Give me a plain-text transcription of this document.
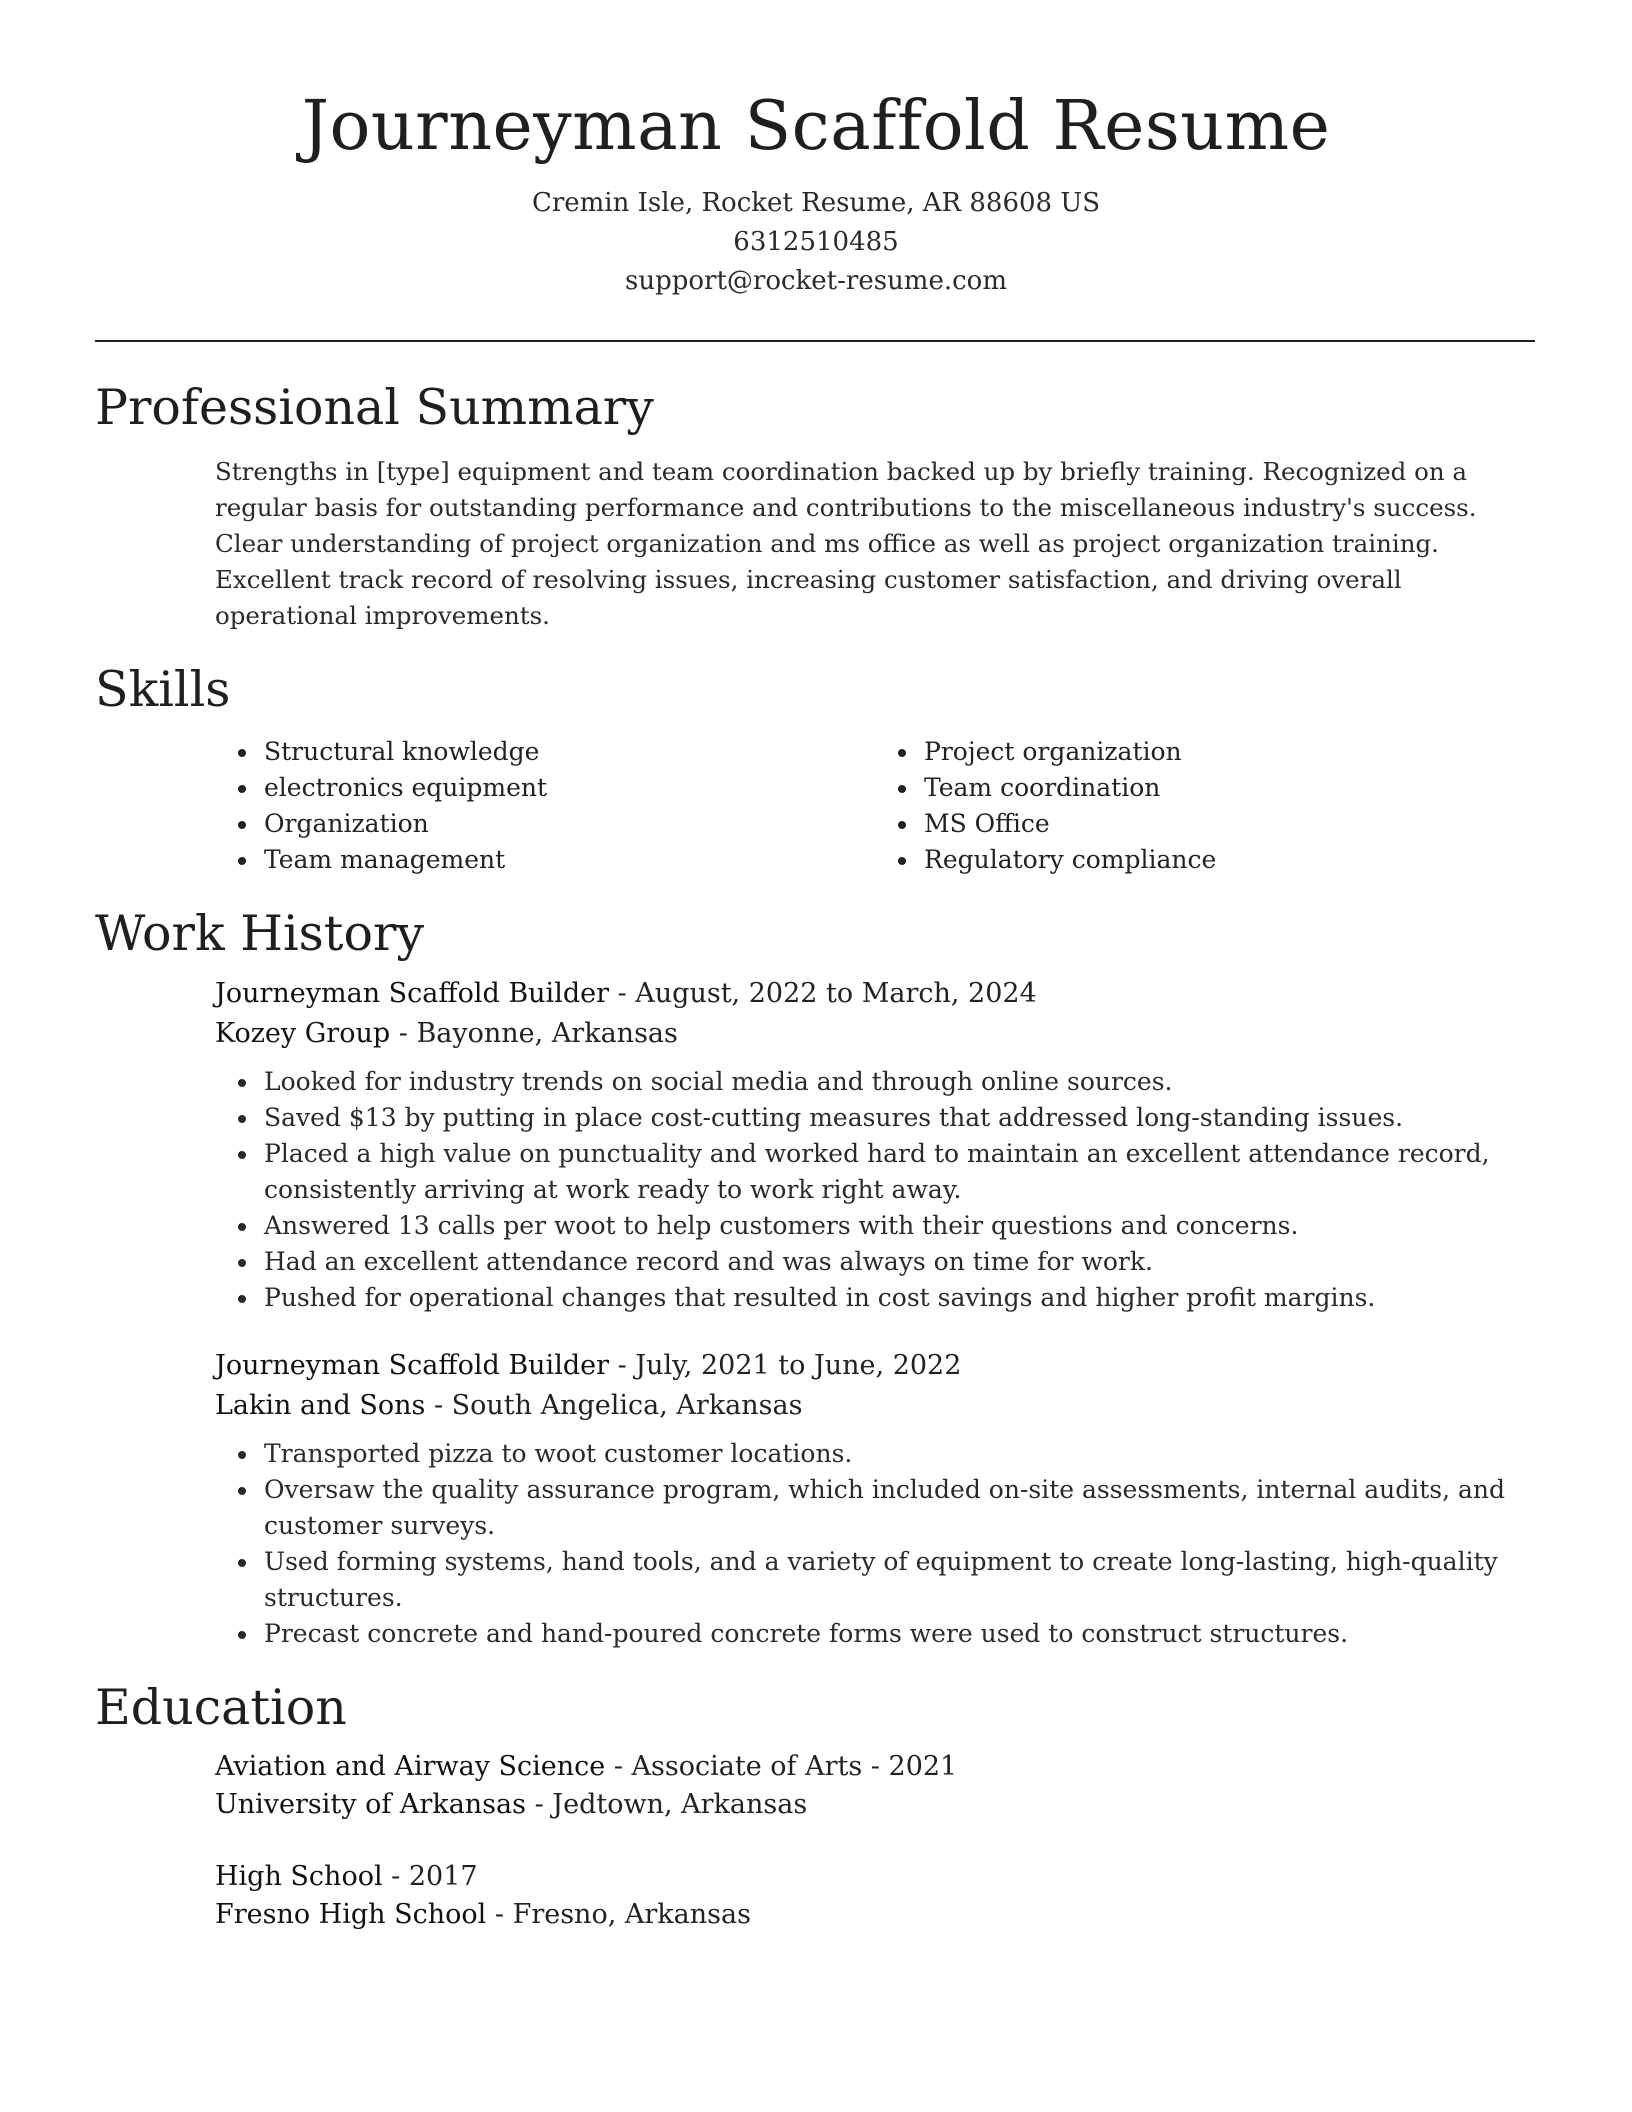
Journeyman Scaffold Resume
Cremin Isle, Rocket Resume, AR 88608 US
6312510485
support@rocket-resume.com
Professional Summary

Strengths in [type] equipment and team coordination backed up by briefly training. Recognized on a regular basis for outstanding performance and contributions to the miscellaneous industry's success. Clear understanding of project organization and ms office as well as project organization training. Excellent track record of resolving issues, increasing customer satisfaction, and driving overall operational improvements.

Skills
• Structural knowledge
• electronics equipment
• Organization
• Team management
• Project organization
• Team coordination
• MS Office
• Regulatory compliance
Work History
Journeyman Scaffold Builder - August, 2022 to March, 2024
Kozey Group - Bayonne, Arkansas
• Looked for industry trends on social media and through online sources.
• Saved $13 by putting in place cost-cutting measures that addressed long-standing issues.
• Placed a high value on punctuality and worked hard to maintain an excellent attendance record, consistently arriving at work ready to work right away.
• Answered 13 calls per woot to help customers with their questions and concerns.
• Had an excellent attendance record and was always on time for work.
• Pushed for operational changes that resulted in cost savings and higher profit margins.
Journeyman Scaffold Builder - July, 2021 to June, 2022
Lakin and Sons - South Angelica, Arkansas
• Transported pizza to woot customer locations.
• Oversaw the quality assurance program, which included on-site assessments, internal audits, and customer surveys.
• Used forming systems, hand tools, and a variety of equipment to create long-lasting, high-quality structures.
• Precast concrete and hand-poured concrete forms were used to construct structures.
Education
Aviation and Airway Science - Associate of Arts - 2021
University of Arkansas - Jedtown, Arkansas
High School - 2017
Fresno High School - Fresno, Arkansas
